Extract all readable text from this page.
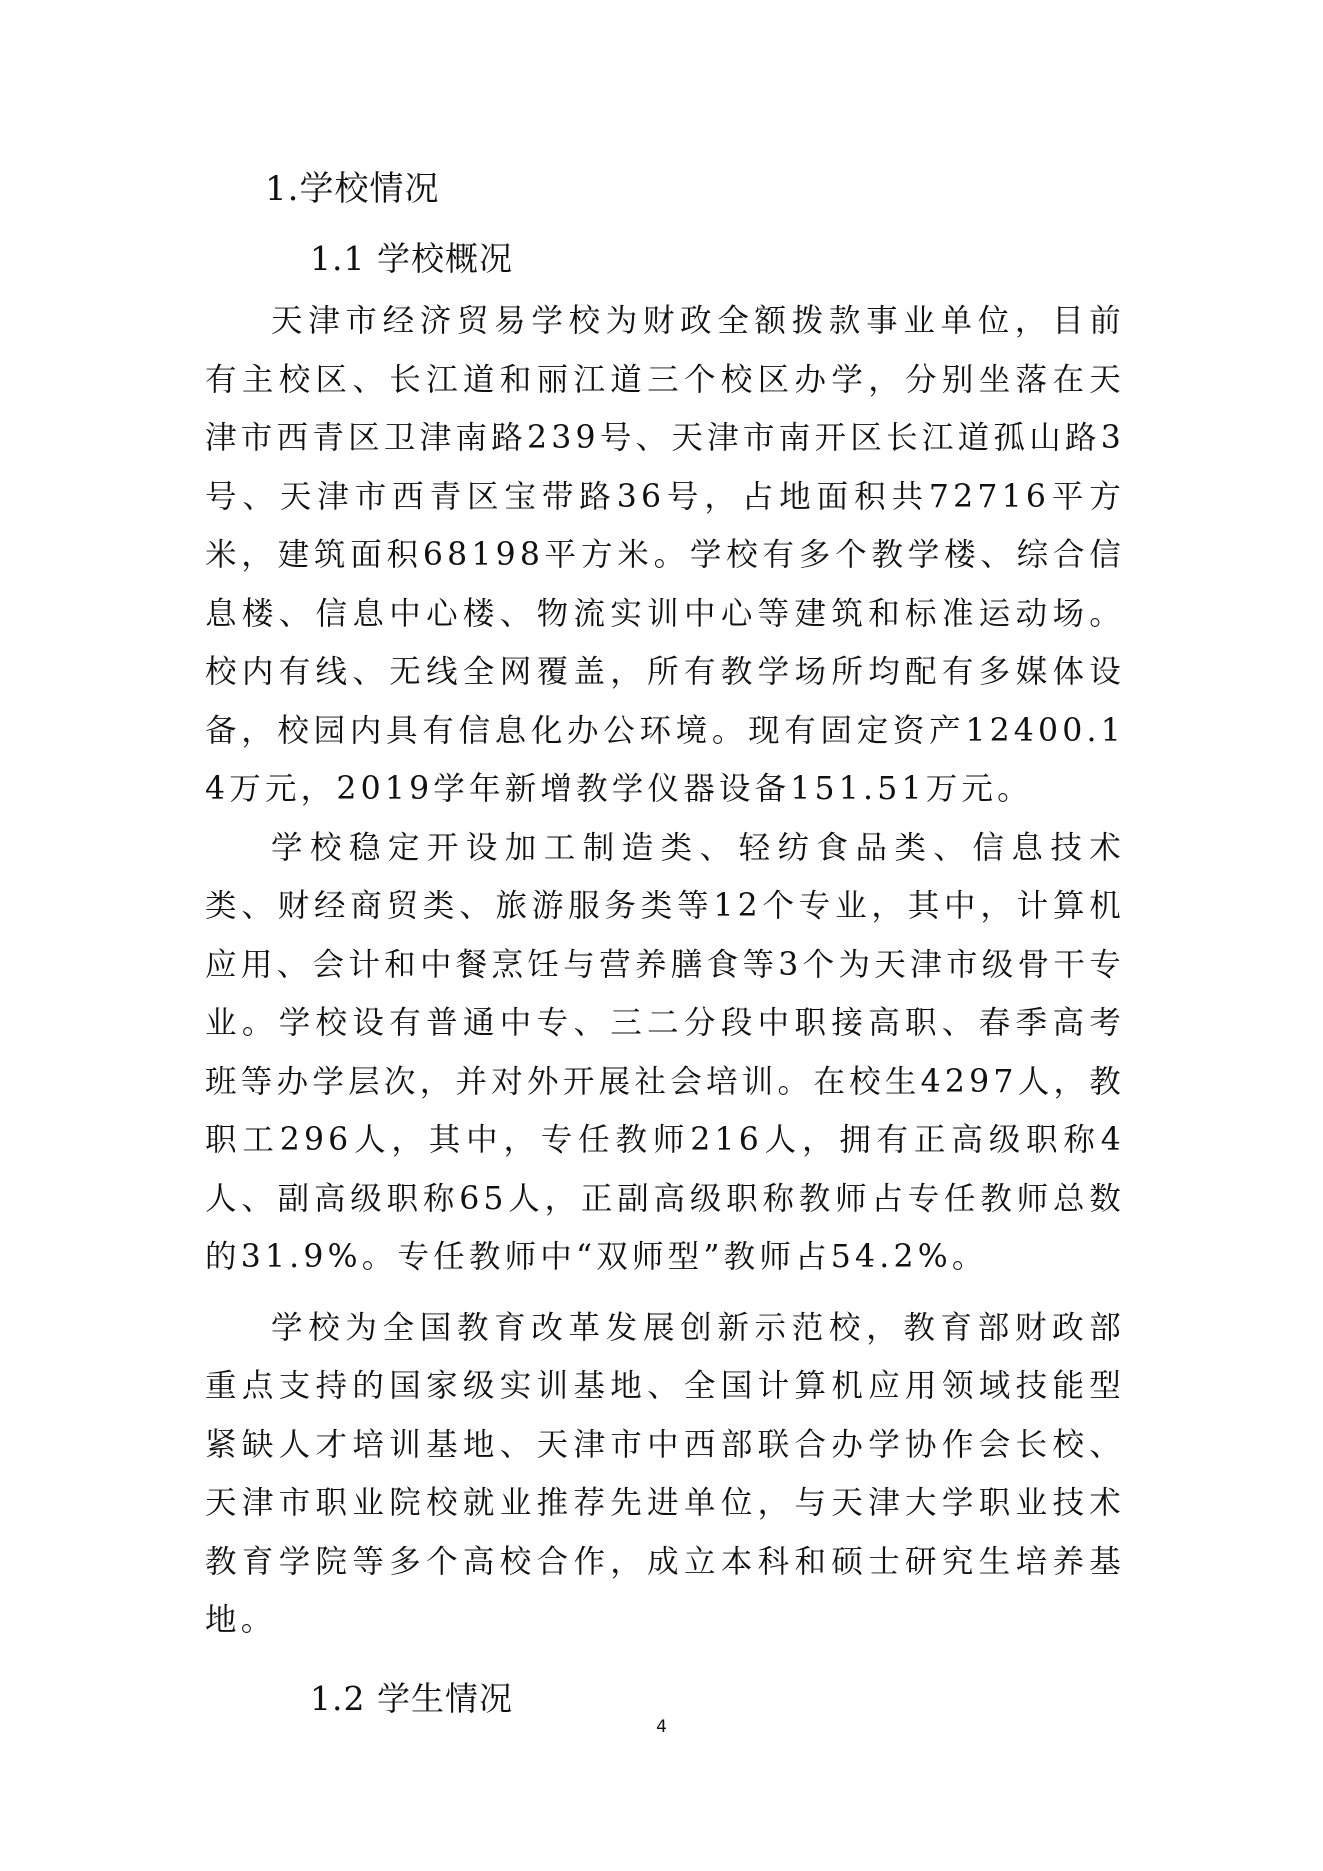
1.学校情况
1.1 学校概况

天津市经济贸易学校为财政全额拨款事业单位，目前有主校区、长江道和丽江道三个校区办学，分别坐落在天津市西青区卫津南路239号、天津市南开区长江道孤山路3号、天津市西青区宝带路36号，占地面积共72716平方米，建筑面积68198平方米。学校有多个教学楼、综合信息楼、信息中心楼、物流实训中心等建筑和标准运动场。校内有线、无线全网覆盖，所有教学场所均配有多媒体设备，校园内具有信息化办公环境。现有固定资产12400.14万元，2019学年新增教学仪器设备151.51万元。

学校稳定开设加工制造类、轻纺食品类、信息技术类、财经商贸类、旅游服务类等12个专业，其中，计算机应用、会计和中餐烹饪与营养膳食等3个为天津市级骨干专业。学校设有普通中专、三二分段中职接高职、春季高考班等办学层次，并对外开展社会培训。在校生4297人，教职工296人，其中，专任教师216人，拥有正高级职称4人、副高级职称65人，正副高级职称教师占专任教师总数的31.9%。专任教师中“双师型”教师占54.2%。

学校为全国教育改革发展创新示范校，教育部财政部重点支持的国家级实训基地、全国计算机应用领域技能型紧缺人才培训基地、天津市中西部联合办学协作会长校、天津市职业院校就业推荐先进单位，与天津大学职业技术教育学院等多个高校合作，成立本科和硕士研究生培养基地。

1.2 学生情况
4
